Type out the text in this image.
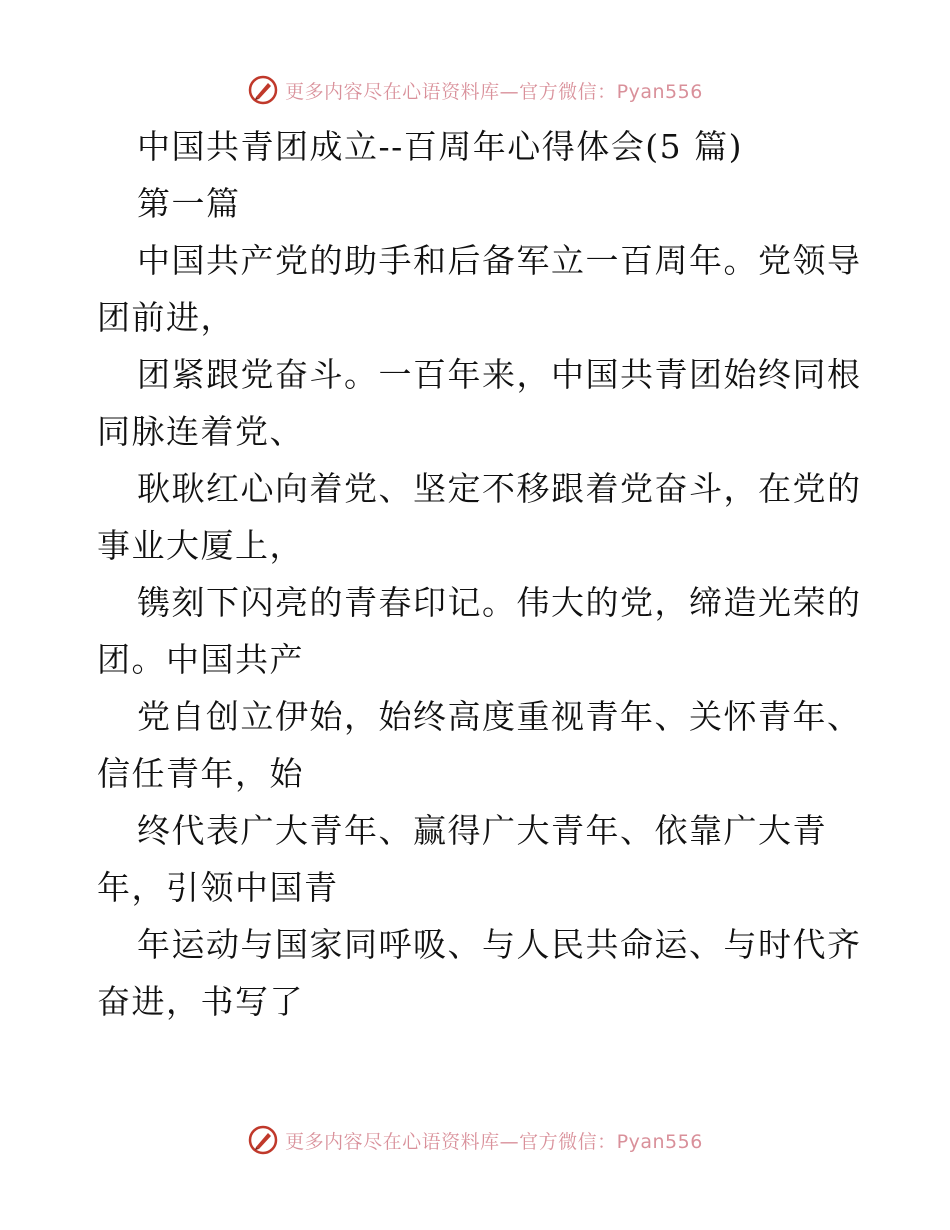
更多内容尽在心语资料库—官方微信：Pyan556
中国共青团成立--百周年心得体会(5 篇)
第一篇
中国共产党的助手和后备军立一百周年。党领导
团前进，
团紧跟党奋斗。一百年来，中国共青团始终同根
同脉连着党、
耿耿红心向着党、坚定不移跟着党奋斗，在党的
事业大厦上，
镌刻下闪亮的青春印记。伟大的党，缔造光荣的
团。中国共产
党自创立伊始，始终高度重视青年、关怀青年、
信任青年，始
终代表广大青年、赢得广大青年、依靠广大青
年，引领中国青
年运动与国家同呼吸、与人民共命运、与时代齐
奋进，书写了
更多内容尽在心语资料库—官方微信：Pyan556
